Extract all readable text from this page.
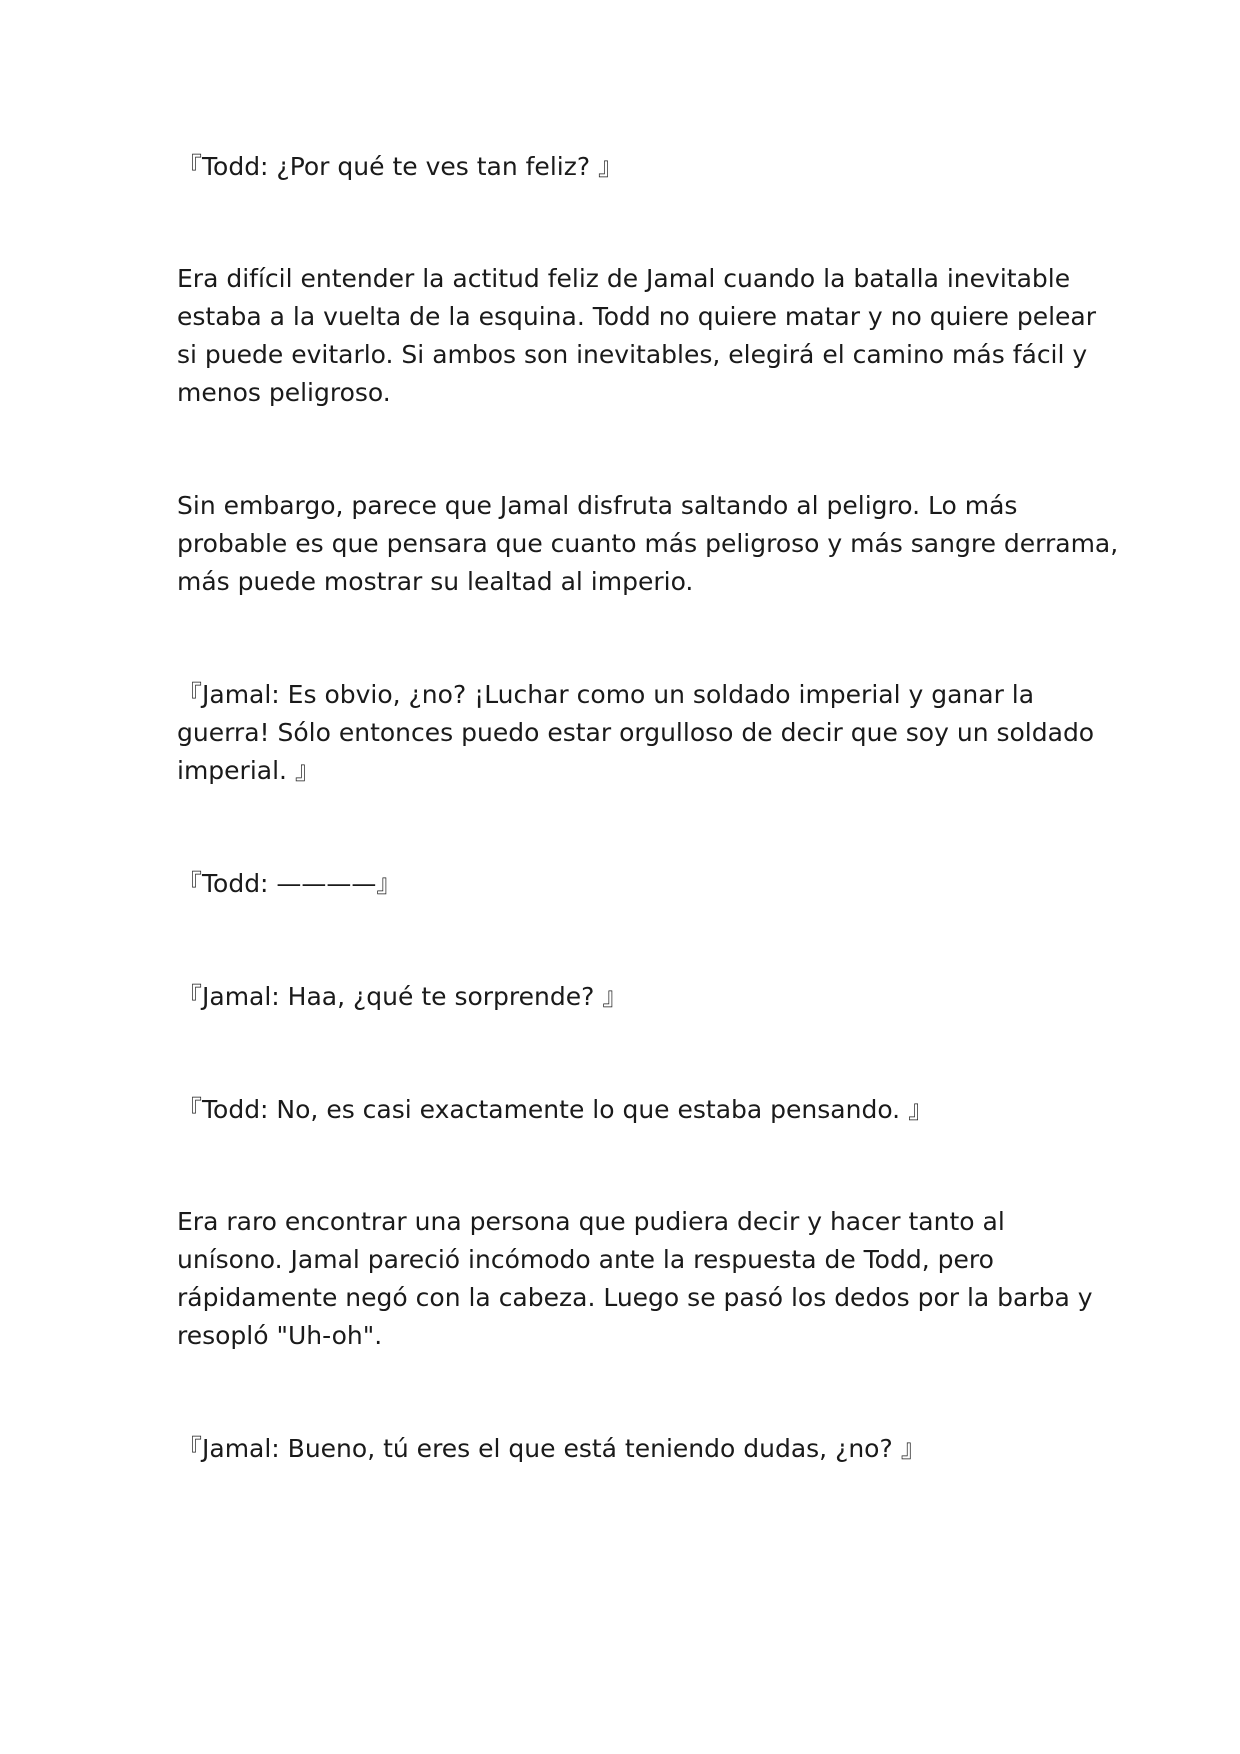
『Todd: ¿Por qué te ves tan feliz? 』
Era difícil entender la actitud feliz de Jamal cuando la batalla inevitable
estaba a la vuelta de la esquina. Todd no quiere matar y no quiere pelear
si puede evitarlo. Si ambos son inevitables, elegirá el camino más fácil y
menos peligroso.
Sin embargo, parece que Jamal disfruta saltando al peligro. Lo más
probable es que pensara que cuanto más peligroso y más sangre derrama,
más puede mostrar su lealtad al imperio.
『Jamal: Es obvio, ¿no? ¡Luchar como un soldado imperial y ganar la
guerra! Sólo entonces puedo estar orgulloso de decir que soy un soldado
imperial. 』
『Todd: ————』
『Jamal: Haa, ¿qué te sorprende? 』
『Todd: No, es casi exactamente lo que estaba pensando. 』
Era raro encontrar una persona que pudiera decir y hacer tanto al
unísono. Jamal pareció incómodo ante la respuesta de Todd, pero
rápidamente negó con la cabeza. Luego se pasó los dedos por la barba y
resopló "Uh-oh".
『Jamal: Bueno, tú eres el que está teniendo dudas, ¿no? 』
